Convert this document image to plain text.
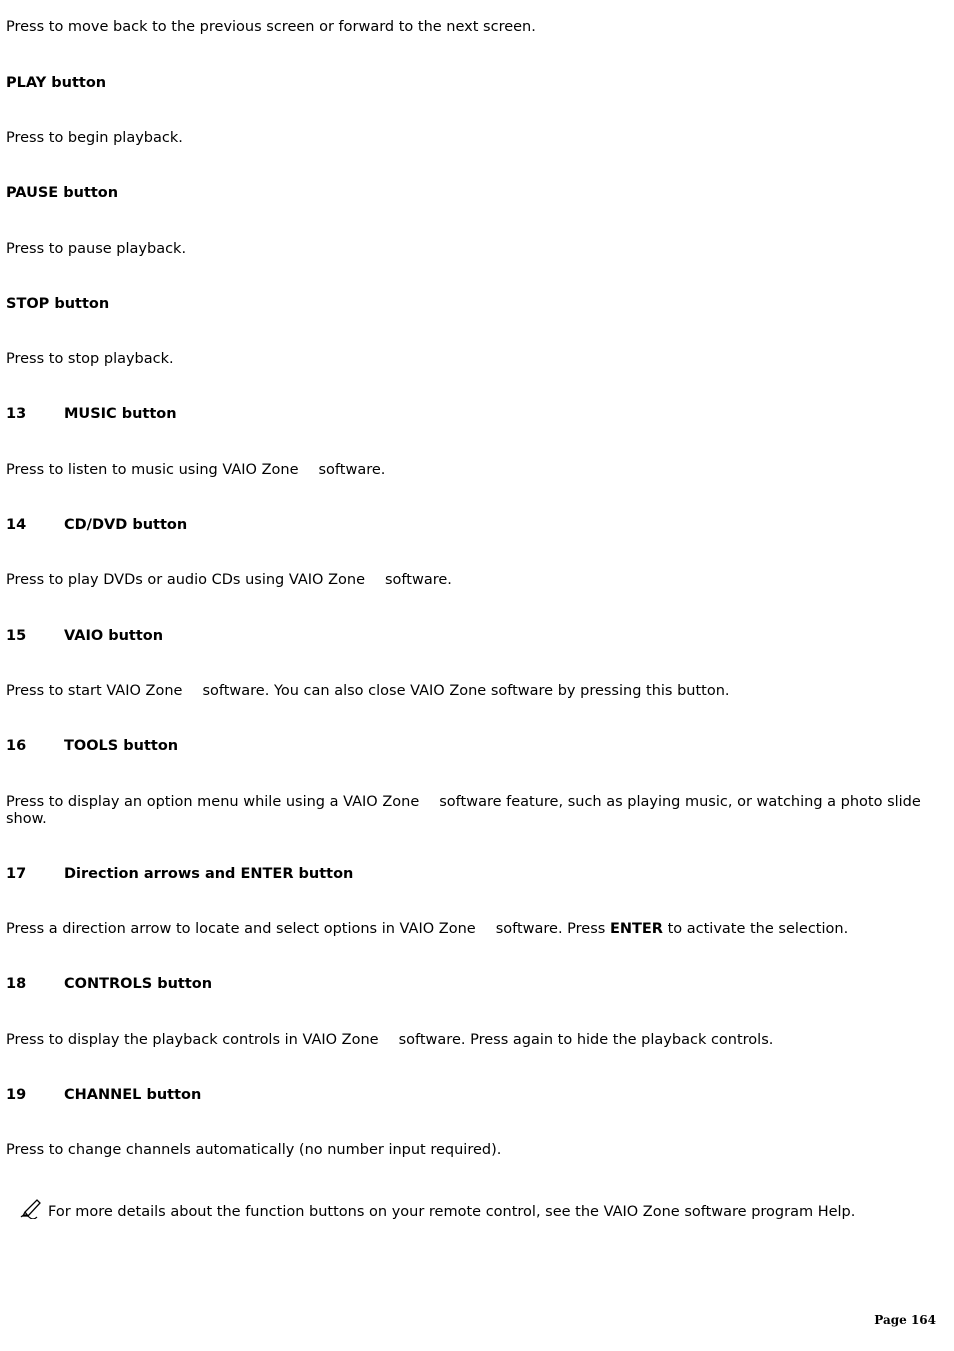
Press to move back to the previous screen or forward to the next screen.
PLAY button
Press to begin playback.
PAUSE button
Press to pause playback.
STOP button
Press to stop playback.
13	MUSIC button
Press to listen to music using VAIO Zone software.
14	CD/DVD button
Press to play DVDs or audio CDs using VAIO Zone software.
15	VAIO button
Press to start VAIO Zone software. You can also close VAIO Zone software by pressing this button.
16	TOOLS button
Press to display an option menu while using a VAIO Zone software feature, such as playing music, or watching a photo slide show.
17	Direction arrows and ENTER button
Press a direction arrow to locate and select options in VAIO Zone software. Press ENTER to activate the selection.
18	CONTROLS button
Press to display the playback controls in VAIO Zone software. Press again to hide the playback controls.
19	CHANNEL button
Press to change channels automatically (no number input required).
For more details about the function buttons on your remote control, see the VAIO Zone software program Help.
Page 164
